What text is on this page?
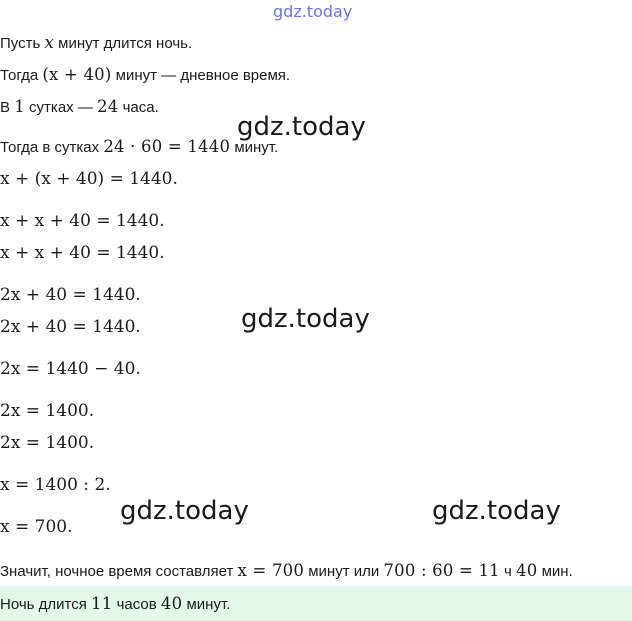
gdz.today
Пусть x минут длится ночь.
Тогда (x + 40) минут — дневное время.
В 1 сутках — 24 часа.
Тогда в сутках 24 · 60 = 1440 минут.
x + (x + 40) = 1440.
x + x + 40 = 1440.
x + x + 40 = 1440.
2x + 40 = 1440.
2x + 40 = 1440.
2x = 1440 − 40.
2x = 1400.
2x = 1400.
x = 1400 : 2.
x = 700.
Значит, ночное время составляет x = 700 минут или 700 : 60 = 11 ч 40 мин.
Ночь длится 11 часов 40 минут.
gdz.today
gdz.today
gdz.today	gdz.today
